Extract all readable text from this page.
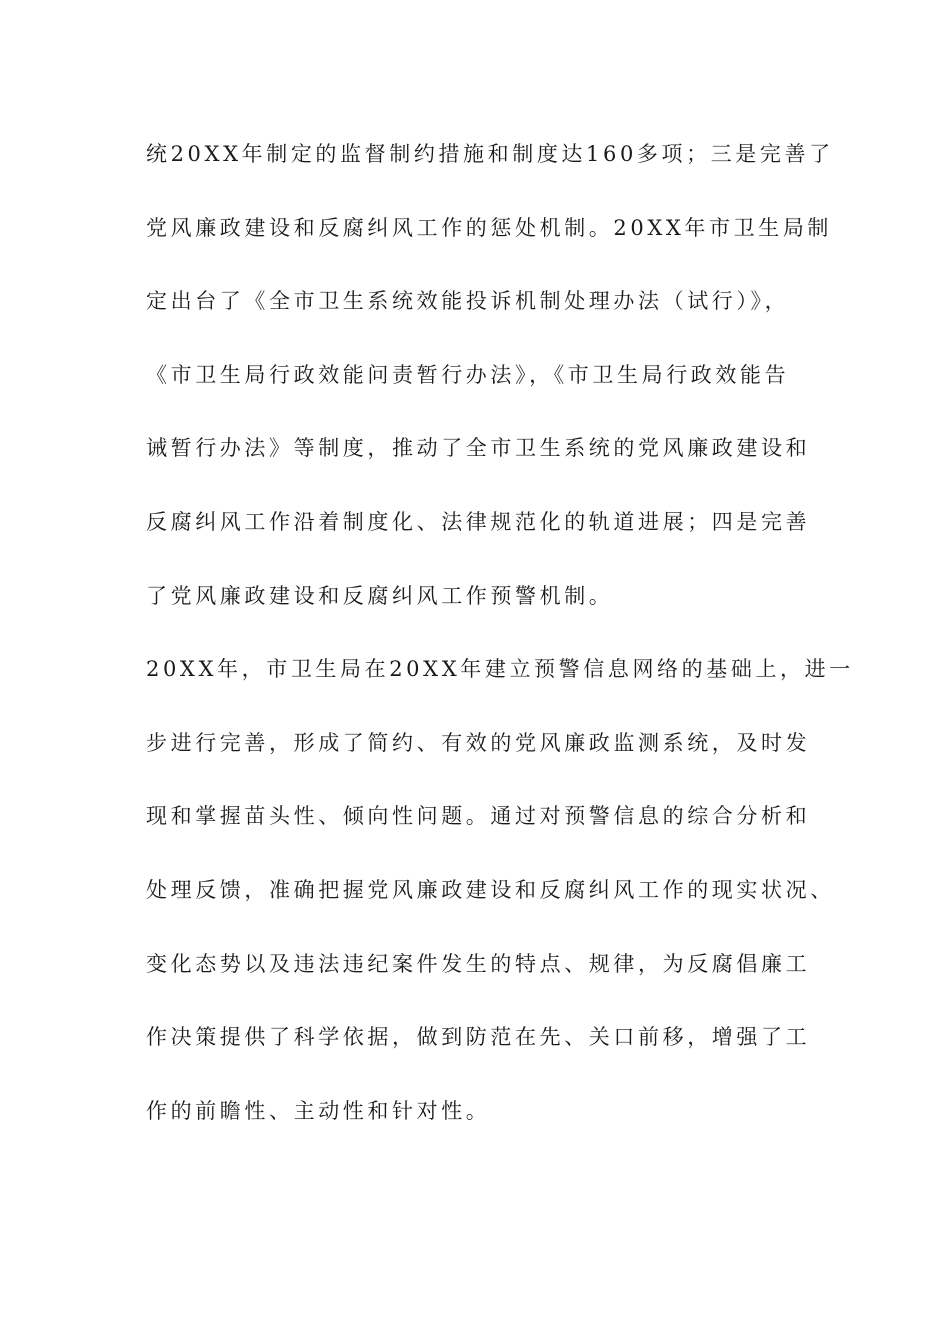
统20XX年制定的监督制约措施和制度达160多项；三是完善了
党风廉政建设和反腐纠风工作的惩处机制。20XX年市卫生局制
定出台了《全市卫生系统效能投诉机制处理办法（试行）》，
《市卫生局行政效能问责暂行办法》，《市卫生局行政效能告
诫暂行办法》等制度，推动了全市卫生系统的党风廉政建设和
反腐纠风工作沿着制度化、法律规范化的轨道进展；四是完善
了党风廉政建设和反腐纠风工作预警机制。
20XX年，市卫生局在20XX年建立预警信息网络的基础上，进一
步进行完善，形成了简约、有效的党风廉政监测系统，及时发
现和掌握苗头性、倾向性问题。通过对预警信息的综合分析和
处理反馈，准确把握党风廉政建设和反腐纠风工作的现实状况、
变化态势以及违法违纪案件发生的特点、规律，为反腐倡廉工
作决策提供了科学依据，做到防范在先、关口前移，增强了工
作的前瞻性、主动性和针对性。
